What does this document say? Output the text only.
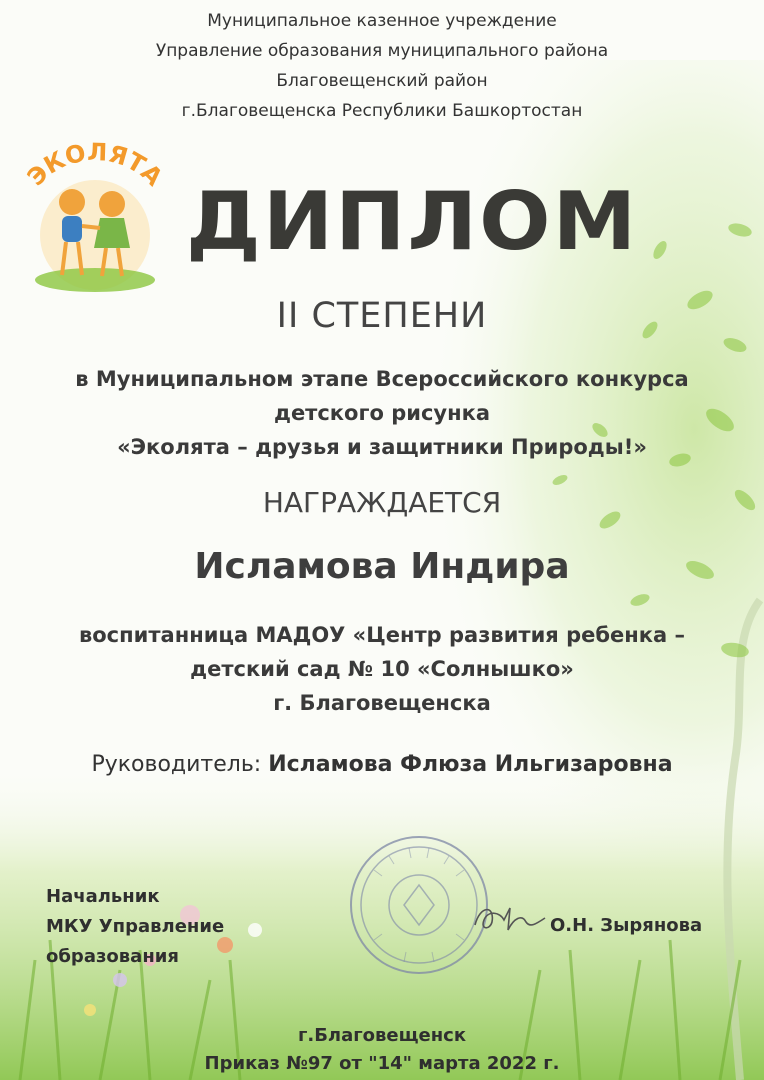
Муниципальное казенное учреждение
Управление образования муниципального района
Благовещенский район
г.Благовещенска Республики Башкортостан
ЭКОЛЯТА ДИПЛОМ
II СТЕПЕНИ
в Муниципальном этапе Всероссийского конкурса
детского рисунка
«Эколята – друзья и защитники Природы!»
НАГРАЖДАЕТСЯ
Исламова Индира
воспитанница МАДОУ «Центр развития ребенка –
детский сад № 10 «Солнышко»
г. Благовещенска
Руководитель: Исламова Флюза Ильгизаровна
Начальник
МКУ Управление
образования
О.Н. Зырянова
г.Благовещенск
Приказ №97 от "14" марта 2022 г.
